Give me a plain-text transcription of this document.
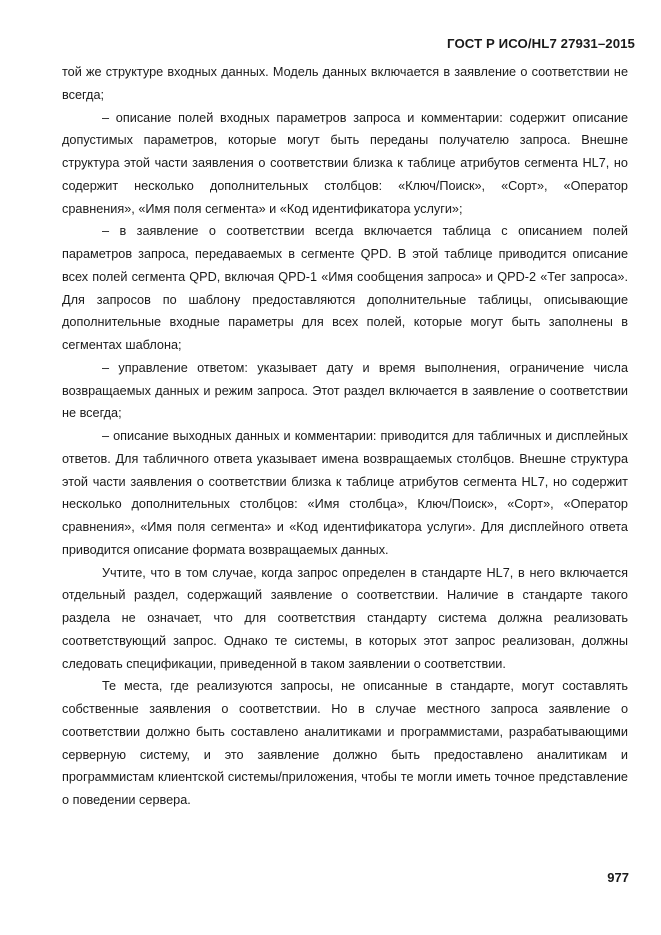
ГОСТ Р ИСО/HL7 27931–2015

той же структуре входных данных. Модель данных включается в заявление о соответствии не всегда;

– описание полей входных параметров запроса и комментарии: содержит описание допустимых параметров, которые могут быть переданы получателю запроса. Внешне структура этой части заявления о соответствии близка к таблице атрибутов сегмента HL7, но содержит несколько дополнительных столбцов: «Ключ/Поиск», «Сорт», «Оператор сравнения», «Имя поля сегмента» и «Код идентификатора услуги»;

– в заявление о соответствии всегда включается таблица с описанием полей параметров запроса, передаваемых в сегменте QPD. В этой таблице приводится описание всех полей сегмента QPD, включая QPD-1 «Имя сообщения запроса» и QPD-2 «Тег запроса». Для запросов по шаблону предоставляются дополнительные таблицы, описывающие дополнительные входные параметры для всех полей, которые могут быть заполнены в сегментах шаблона;

– управление ответом: указывает дату и время выполнения, ограничение числа возвращаемых данных и режим запроса. Этот раздел включается в заявление о соответствии не всегда;

– описание выходных данных и комментарии: приводится для табличных и дисплейных ответов. Для табличного ответа указывает имена возвращаемых столбцов. Внешне структура этой части заявления о соответствии близка к таблице атрибутов сегмента HL7, но содержит несколько дополнительных столбцов: «Имя столбца», Ключ/Поиск», «Сорт», «Оператор сравнения», «Имя поля сегмента» и «Код идентификатора услуги». Для дисплейного ответа приводится описание формата возвращаемых данных.

Учтите, что в том случае, когда запрос определен в стандарте HL7, в него включается отдельный раздел, содержащий заявление о соответствии. Наличие в стандарте такого раздела не означает, что для соответствия стандарту система должна реализовать соответствующий запрос. Однако те системы, в которых этот запрос реализован, должны следовать спецификации, приведенной в таком заявлении о соответствии.

Те места, где реализуются запросы, не описанные в стандарте, могут составлять собственные заявления о соответствии. Но в случае местного запроса заявление о соответствии должно быть составлено аналитиками и программистами, разрабатывающими серверную систему, и это заявление должно быть предоставлено аналитикам и программистам клиентской системы/приложения, чтобы те могли иметь точное представление о поведении сервера.

977
